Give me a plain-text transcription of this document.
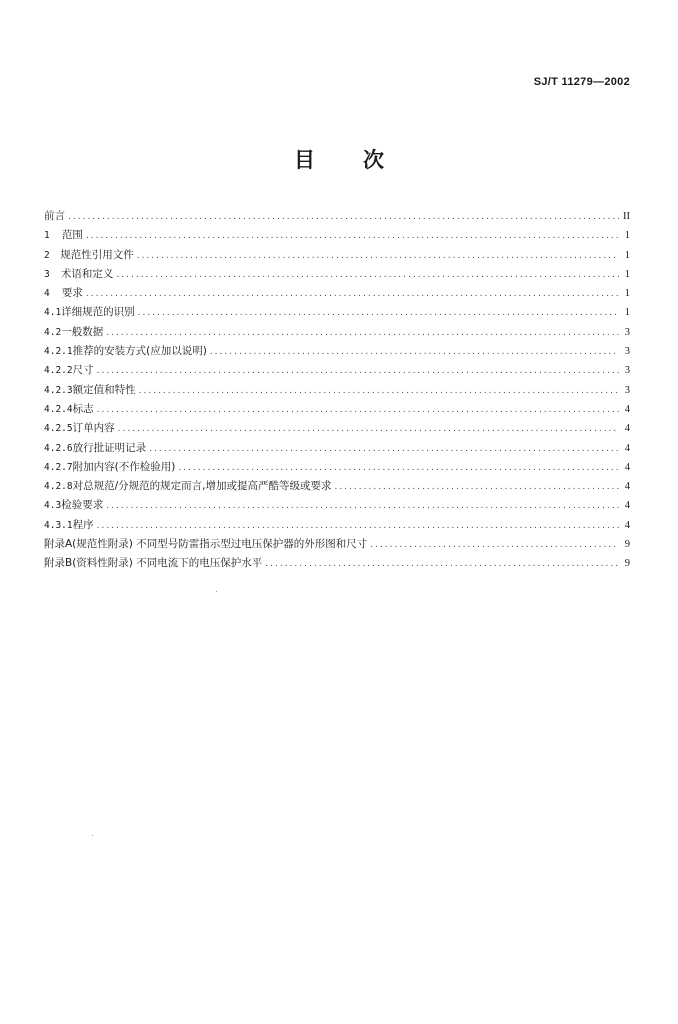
SJ/T 11279—2002
目次
前言 .....	II
1	范围 .....	1
2 规范性引用文件 .....	1
3	术语和定义 .....	1
4	要求 .....	1
4.1 详细规范的识别 .....	1
4.2 一般数据 .....	3
4.2.1 推荐的安装方式(应加以说明) .....	3
4.2.2 尺寸 .....	3
4.2.3 额定值和特性 .....	3
4.2.4 标志 .....	4
4.2.5 订单内容 .....	4
4.2.6 放行批证明记录 .....	4
4.2.7 附加内容(不作检验用) .....	4
4.2.8 对总规范/分规范的规定而言,增加或提高严酷等级或要求 .....	4
4.3 检验要求 .....	4
4.3.1 程序 .....	4
附录A(规范性附录) 不同型号防雷指示型过电压保护器的外形图和尺寸 .....	9
附录B(资料性附录) 不同电流下的电压保护水平 .....	9
